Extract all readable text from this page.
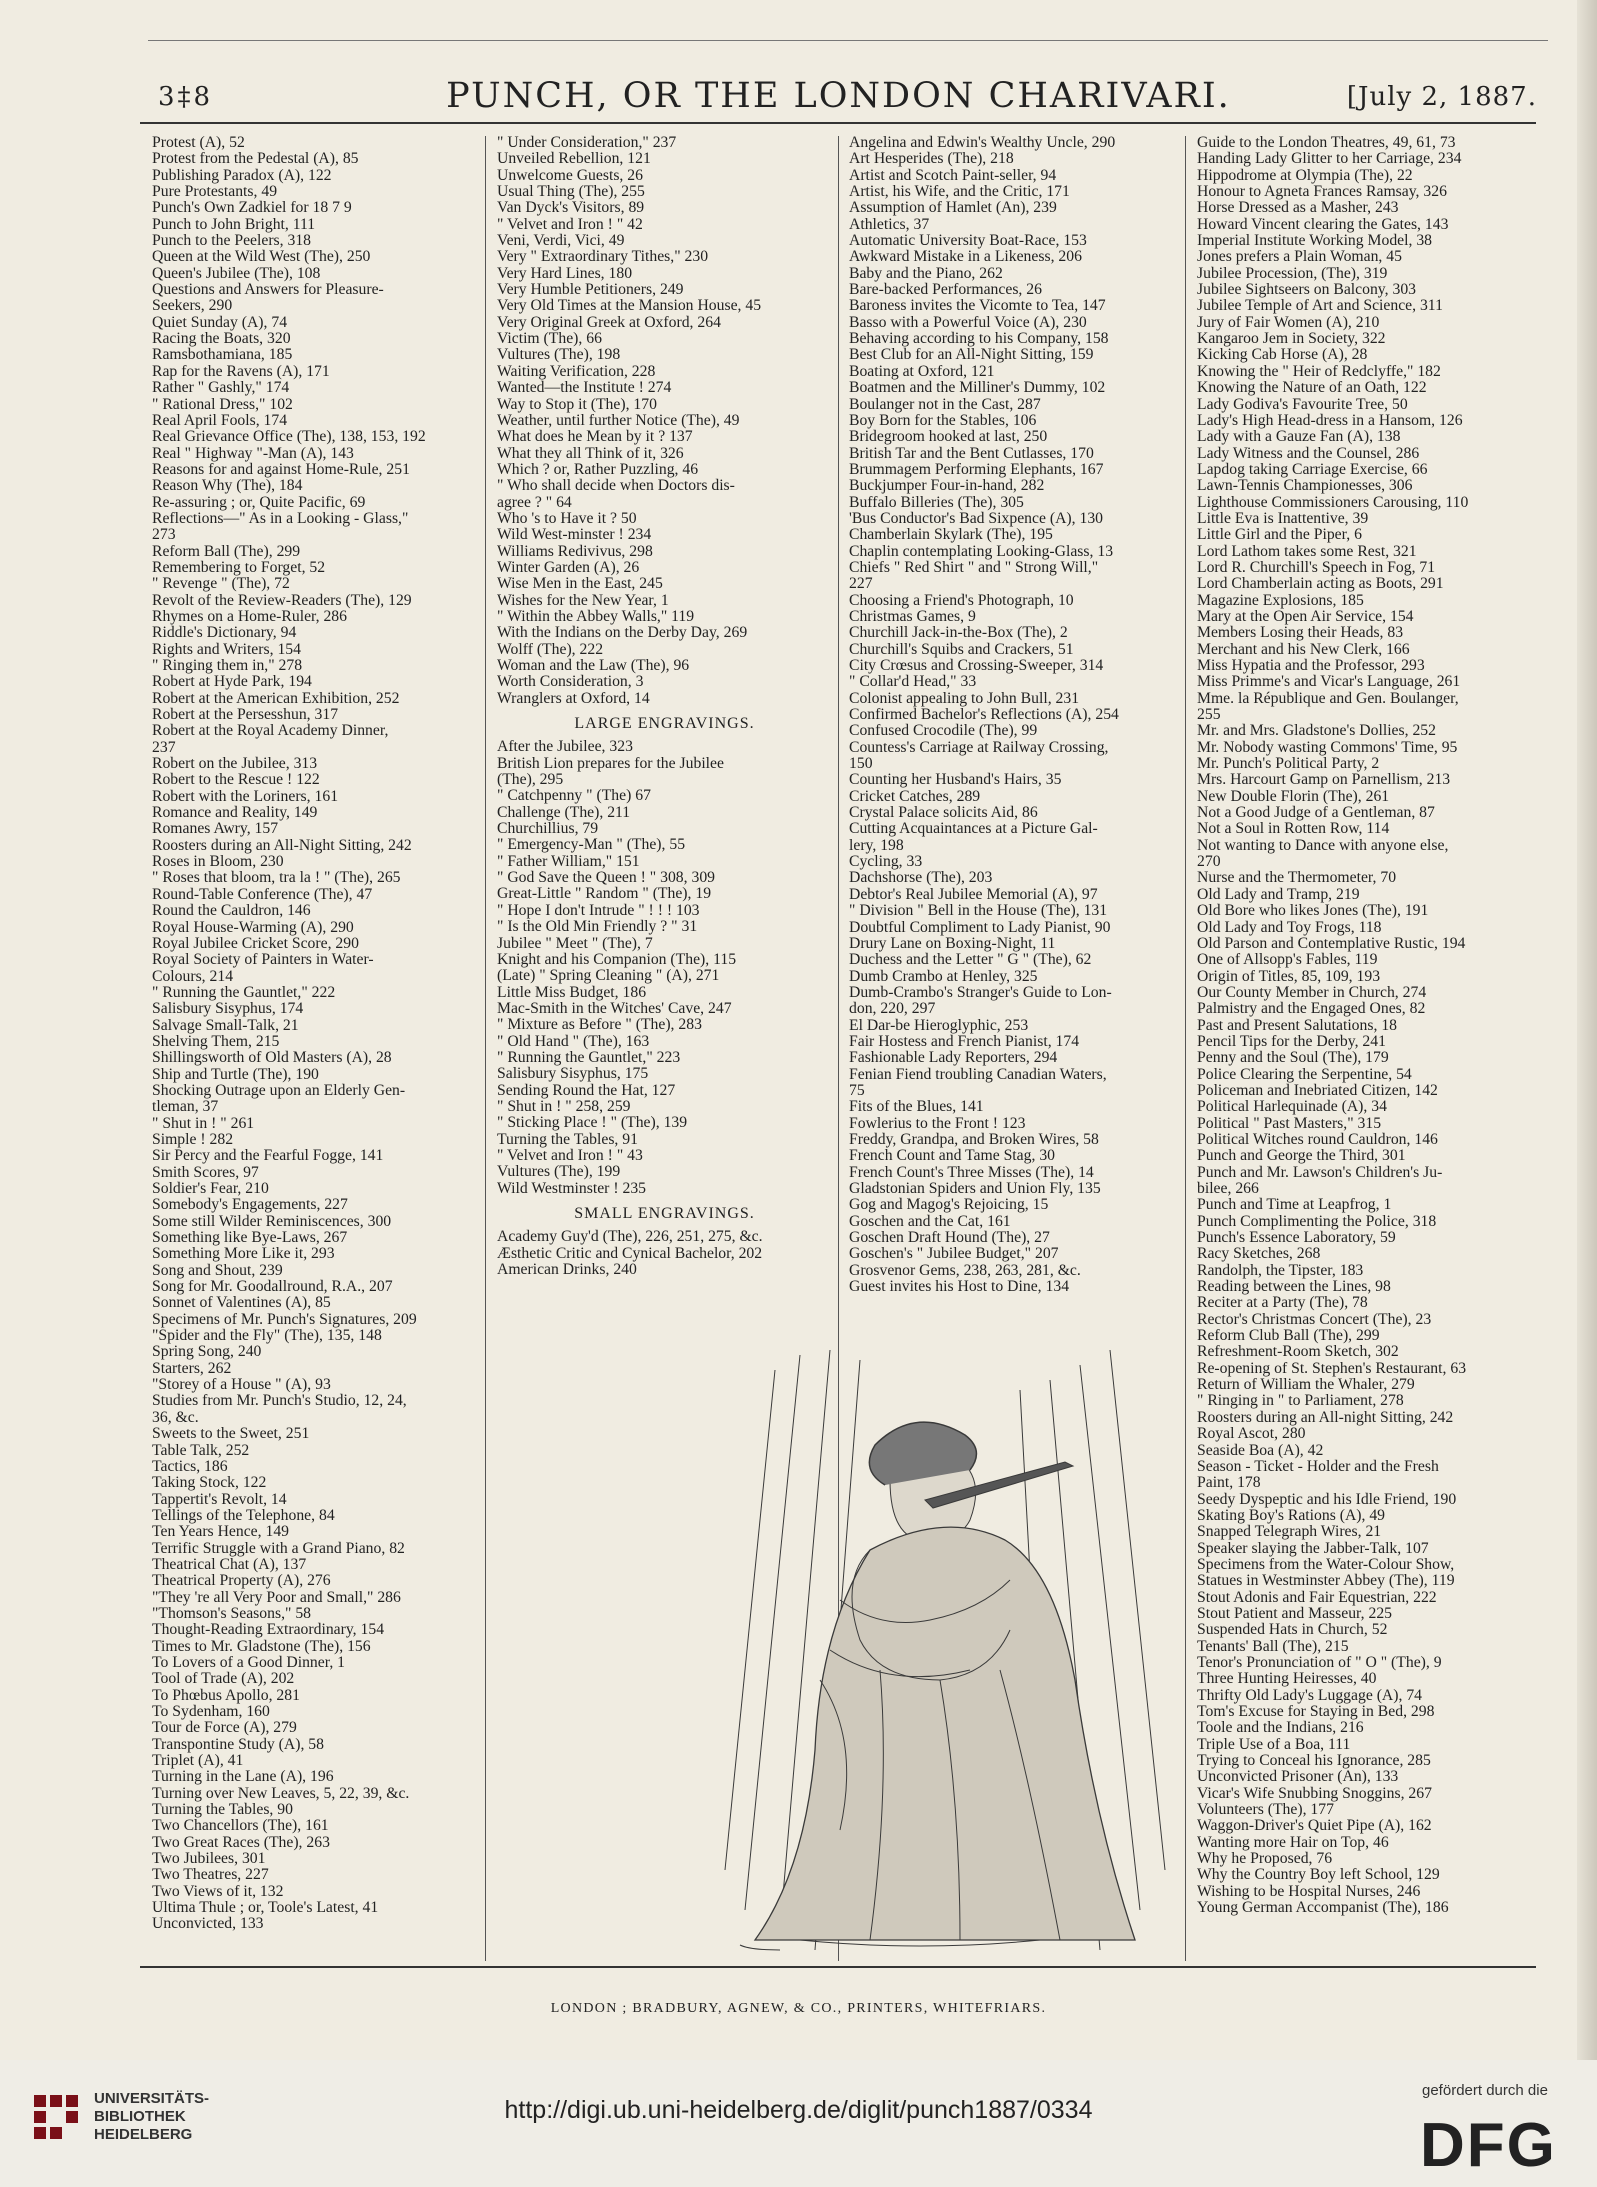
3‡8	PUNCH, OR THE LONDON CHARIVARI.	[July 2, 1887.
Protest (A), 52
Protest from the Pedestal (A), 85
Publishing Paradox (A), 122
Pure Protestants, 49
Punch's Own Zadkiel for 18 7 9
Punch to John Bright, 111
Punch to the Peelers, 318
Queen at the Wild West (The), 250
Queen's Jubilee (The), 108
Questions and Answers for Pleasure-
Seekers, 290
Quiet Sunday (A), 74
Racing the Boats, 320
Ramsbothamiana, 185
Rap for the Ravens (A), 171
Rather " Gashly," 174
" Rational Dress," 102
Real April Fools, 174
Real Grievance Office (The), 138, 153, 192
Real " Highway "-Man (A), 143
Reasons for and against Home-Rule, 251
Reason Why (The), 184
Re-assuring ; or, Quite Pacific, 69
Reflections—" As in a Looking - Glass,"
273
Reform Ball (The), 299
Remembering to Forget, 52
" Revenge " (The), 72
Revolt of the Review-Readers (The), 129
Rhymes on a Home-Ruler, 286
Riddle's Dictionary, 94
Rights and Writers, 154
" Ringing them in," 278
Robert at Hyde Park, 194
Robert at the American Exhibition, 252
Robert at the Persesshun, 317
Robert at the Royal Academy Dinner,
237
Robert on the Jubilee, 313
Robert to the Rescue ! 122
Robert with the Loriners, 161
Romance and Reality, 149
Romanes Awry, 157
Roosters during an All-Night Sitting, 242
Roses in Bloom, 230
" Roses that bloom, tra la ! " (The), 265
Round-Table Conference (The), 47
Round the Cauldron, 146
Royal House-Warming (A), 290
Royal Jubilee Cricket Score, 290
Royal Society of Painters in Water-
Colours, 214
" Running the Gauntlet," 222
Salisbury Sisyphus, 174
Salvage Small-Talk, 21
Shelving Them, 215
Shillingsworth of Old Masters (A), 28
Ship and Turtle (The), 190
Shocking Outrage upon an Elderly Gen-
tleman, 37
" Shut in ! " 261
Simple ! 282
Sir Percy and the Fearful Fogge, 141
Smith Scores, 97
Soldier's Fear, 210
Somebody's Engagements, 227
Some still Wilder Reminiscences, 300
Something like Bye-Laws, 267
Something More Like it, 293
Song and Shout, 239
Song for Mr. Goodallround, R.A., 207
Sonnet of Valentines (A), 85
Specimens of Mr. Punch's Signatures, 209
"Spider and the Fly" (The), 135, 148
Spring Song, 240
Starters, 262
"Storey of a House " (A), 93
Studies from Mr. Punch's Studio, 12, 24,
36, &c.
Sweets to the Sweet, 251
Table Talk, 252
Tactics, 186
Taking Stock, 122
Tappertit's Revolt, 14
Tellings of the Telephone, 84
Ten Years Hence, 149
Terrific Struggle with a Grand Piano, 82
Theatrical Chat (A), 137
Theatrical Property (A), 276
"They 're all Very Poor and Small," 286
"Thomson's Seasons," 58
Thought-Reading Extraordinary, 154
Times to Mr. Gladstone (The), 156
To Lovers of a Good Dinner, 1
Tool of Trade (A), 202
To Phœbus Apollo, 281
To Sydenham, 160
Tour de Force (A), 279
Transpontine Study (A), 58
Triplet (A), 41
Turning in the Lane (A), 196
Turning over New Leaves, 5, 22, 39, &c.
Turning the Tables, 90
Two Chancellors (The), 161
Two Great Races (The), 263
Two Jubilees, 301
Two Theatres, 227
Two Views of it, 132
Ultima Thule ; or, Toole's Latest, 41
Unconvicted, 133
" Under Consideration," 237
Unveiled Rebellion, 121
Unwelcome Guests, 26
Usual Thing (The), 255
Van Dyck's Visitors, 89
" Velvet and Iron ! " 42
Veni, Verdi, Vici, 49
Very " Extraordinary Tithes," 230
Very Hard Lines, 180
Very Humble Petitioners, 249
Very Old Times at the Mansion House, 45
Very Original Greek at Oxford, 264
Victim (The), 66
Vultures (The), 198
Waiting Verification, 228
Wanted—the Institute ! 274
Way to Stop it (The), 170
Weather, until further Notice (The), 49
What does he Mean by it ? 137
What they all Think of it, 326
Which ? or, Rather Puzzling, 46
" Who shall decide when Doctors dis-
agree ? " 64
Who 's to Have it ? 50
Wild West-minster ! 234
Williams Redivivus, 298
Winter Garden (A), 26
Wise Men in the East, 245
Wishes for the New Year, 1
" Within the Abbey Walls," 119
With the Indians on the Derby Day, 269
Wolff (The), 222
Woman and the Law (The), 96
Worth Consideration, 3
Wranglers at Oxford, 14
LARGE ENGRAVINGS.
After the Jubilee, 323
British Lion prepares for the Jubilee
(The), 295
" Catchpenny " (The) 67
Challenge (The), 211
Churchillius, 79
" Emergency-Man " (The), 55
" Father William," 151
" God Save the Queen ! " 308, 309
Great-Little " Random " (The), 19
" Hope I don't Intrude " ! ! ! 103
" Is the Old Min Friendly ? " 31
Jubilee " Meet " (The), 7
Knight and his Companion (The), 115
(Late) " Spring Cleaning " (A), 271
Little Miss Budget, 186
Mac-Smith in the Witches' Cave, 247
" Mixture as Before " (The), 283
" Old Hand " (The), 163
" Running the Gauntlet," 223
Salisbury Sisyphus, 175
Sending Round the Hat, 127
" Shut in ! " 258, 259
" Sticking Place ! " (The), 139
Turning the Tables, 91
" Velvet and Iron ! " 43
Vultures (The), 199
Wild Westminster ! 235
SMALL ENGRAVINGS.
Academy Guy'd (The), 226, 251, 275, &c.
Æsthetic Critic and Cynical Bachelor, 202
American Drinks, 240
Angelina and Edwin's Wealthy Uncle, 290
Art Hesperides (The), 218
Artist and Scotch Paint-seller, 94
Artist, his Wife, and the Critic, 171
Assumption of Hamlet (An), 239
Athletics, 37
Automatic University Boat-Race, 153
Awkward Mistake in a Likeness, 206
Baby and the Piano, 262
Bare-backed Performances, 26
Baroness invites the Vicomte to Tea, 147
Basso with a Powerful Voice (A), 230
Behaving according to his Company, 158
Best Club for an All-Night Sitting, 159
Boating at Oxford, 121
Boatmen and the Milliner's Dummy, 102
Boulanger not in the Cast, 287
Boy Born for the Stables, 106
Bridegroom hooked at last, 250
British Tar and the Bent Cutlasses, 170
Brummagem Performing Elephants, 167
Buckjumper Four-in-hand, 282
Buffalo Billeries (The), 305
'Bus Conductor's Bad Sixpence (A), 130
Chamberlain Skylark (The), 195
Chaplin contemplating Looking-Glass, 13
Chiefs " Red Shirt " and " Strong Will,"
227
Choosing a Friend's Photograph, 10
Christmas Games, 9
Churchill Jack-in-the-Box (The), 2
Churchill's Squibs and Crackers, 51
City Crœsus and Crossing-Sweeper, 314
" Collar'd Head," 33
Colonist appealing to John Bull, 231
Confirmed Bachelor's Reflections (A), 254
Confused Crocodile (The), 99
Countess's Carriage at Railway Crossing,
150
Counting her Husband's Hairs, 35
Cricket Catches, 289
Crystal Palace solicits Aid, 86
Cutting Acquaintances at a Picture Gal-
lery, 198
Cycling, 33
Dachshorse (The), 203
Debtor's Real Jubilee Memorial (A), 97
" Division " Bell in the House (The), 131
Doubtful Compliment to Lady Pianist, 90
Drury Lane on Boxing-Night, 11
Duchess and the Letter " G " (The), 62
Dumb Crambo at Henley, 325
Dumb-Crambo's Stranger's Guide to Lon-
don, 220, 297
El Dar-be Hieroglyphic, 253
Fair Hostess and French Pianist, 174
Fashionable Lady Reporters, 294
Fenian Fiend troubling Canadian Waters,
75
Fits of the Blues, 141
Fowlerius to the Front ! 123
Freddy, Grandpa, and Broken Wires, 58
French Count and Tame Stag, 30
French Count's Three Misses (The), 14
Gladstonian Spiders and Union Fly, 135
Gog and Magog's Rejoicing, 15
Goschen and the Cat, 161
Goschen Draft Hound (The), 27
Goschen's " Jubilee Budget," 207
Grosvenor Gems, 238, 263, 281, &c.
Guest invites his Host to Dine, 134
Guide to the London Theatres, 49, 61, 73
Handing Lady Glitter to her Carriage, 234
Hippodrome at Olympia (The), 22
Honour to Agneta Frances Ramsay, 326
Horse Dressed as a Masher, 243
Howard Vincent clearing the Gates, 143
Imperial Institute Working Model, 38
Jones prefers a Plain Woman, 45
Jubilee Procession, (The), 319
Jubilee Sightseers on Balcony, 303
Jubilee Temple of Art and Science, 311
Jury of Fair Women (A), 210
Kangaroo Jem in Society, 322
Kicking Cab Horse (A), 28
Knowing the " Heir of Redclyffe," 182
Knowing the Nature of an Oath, 122
Lady Godiva's Favourite Tree, 50
Lady's High Head-dress in a Hansom, 126
Lady with a Gauze Fan (A), 138
Lady Witness and the Counsel, 286
Lapdog taking Carriage Exercise, 66
Lawn-Tennis Championesses, 306
Lighthouse Commissioners Carousing, 110
Little Eva is Inattentive, 39
Little Girl and the Piper, 6
Lord Lathom takes some Rest, 321
Lord R. Churchill's Speech in Fog, 71
Lord Chamberlain acting as Boots, 291
Magazine Explosions, 185
Mary at the Open Air Service, 154
Members Losing their Heads, 83
Merchant and his New Clerk, 166
Miss Hypatia and the Professor, 293
Miss Primme's and Vicar's Language, 261
Mme. la République and Gen. Boulanger,
255
Mr. and Mrs. Gladstone's Dollies, 252
Mr. Nobody wasting Commons' Time, 95
Mr. Punch's Political Party, 2
Mrs. Harcourt Gamp on Parnellism, 213
New Double Florin (The), 261
Not a Good Judge of a Gentleman, 87
Not a Soul in Rotten Row, 114
Not wanting to Dance with anyone else,
270
Nurse and the Thermometer, 70
Old Lady and Tramp, 219
Old Bore who likes Jones (The), 191
Old Lady and Toy Frogs, 118
Old Parson and Contemplative Rustic, 194
One of Allsopp's Fables, 119
Origin of Titles, 85, 109, 193
Our County Member in Church, 274
Palmistry and the Engaged Ones, 82
Past and Present Salutations, 18
Pencil Tips for the Derby, 241
Penny and the Soul (The), 179
Police Clearing the Serpentine, 54
Policeman and Inebriated Citizen, 142
Political Harlequinade (A), 34
Political " Past Masters," 315
Political Witches round Cauldron, 146
Punch and George the Third, 301
Punch and Mr. Lawson's Children's Ju-
bilee, 266
Punch and Time at Leapfrog, 1
Punch Complimenting the Police, 318
Punch's Essence Laboratory, 59
Racy Sketches, 268
Randolph, the Tipster, 183
Reading between the Lines, 98
Reciter at a Party (The), 78
Rector's Christmas Concert (The), 23
Reform Club Ball (The), 299
Refreshment-Room Sketch, 302
Re-opening of St. Stephen's Restaurant, 63
Return of William the Whaler, 279
" Ringing in " to Parliament, 278
Roosters during an All-night Sitting, 242
Royal Ascot, 280
Seaside Boa (A), 42
Season - Ticket - Holder and the Fresh
Paint, 178
Seedy Dyspeptic and his Idle Friend, 190
Skating Boy's Rations (A), 49
Snapped Telegraph Wires, 21
Speaker slaying the Jabber-Talk, 107
Specimens from the Water-Colour Show,
Statues in Westminster Abbey (The), 119
Stout Adonis and Fair Equestrian, 222
Stout Patient and Masseur, 225
Suspended Hats in Church, 52
Tenants' Ball (The), 215
Tenor's Pronunciation of " O " (The), 9
Three Hunting Heiresses, 40
Thrifty Old Lady's Luggage (A), 74
Tom's Excuse for Staying in Bed, 298
Toole and the Indians, 216
Triple Use of a Boa, 111
Trying to Conceal his Ignorance, 285
Unconvicted Prisoner (An), 133
Vicar's Wife Snubbing Snoggins, 267
Volunteers (The), 177
Waggon-Driver's Quiet Pipe (A), 162
Wanting more Hair on Top, 46
Why he Proposed, 76
Why the Country Boy left School, 129
Wishing to be Hospital Nurses, 246
Young German Accompanist (The), 186
LONDON ; BRADBURY, AGNEW, & CO., PRINTERS, WHITEFRIARS.
UNIVERSITÄTS-
BIBLIOTHEK
HEIDELBERG
http://digi.ub.uni-heidelberg.de/diglit/punch1887/0334
gefördert durch die
DFG
